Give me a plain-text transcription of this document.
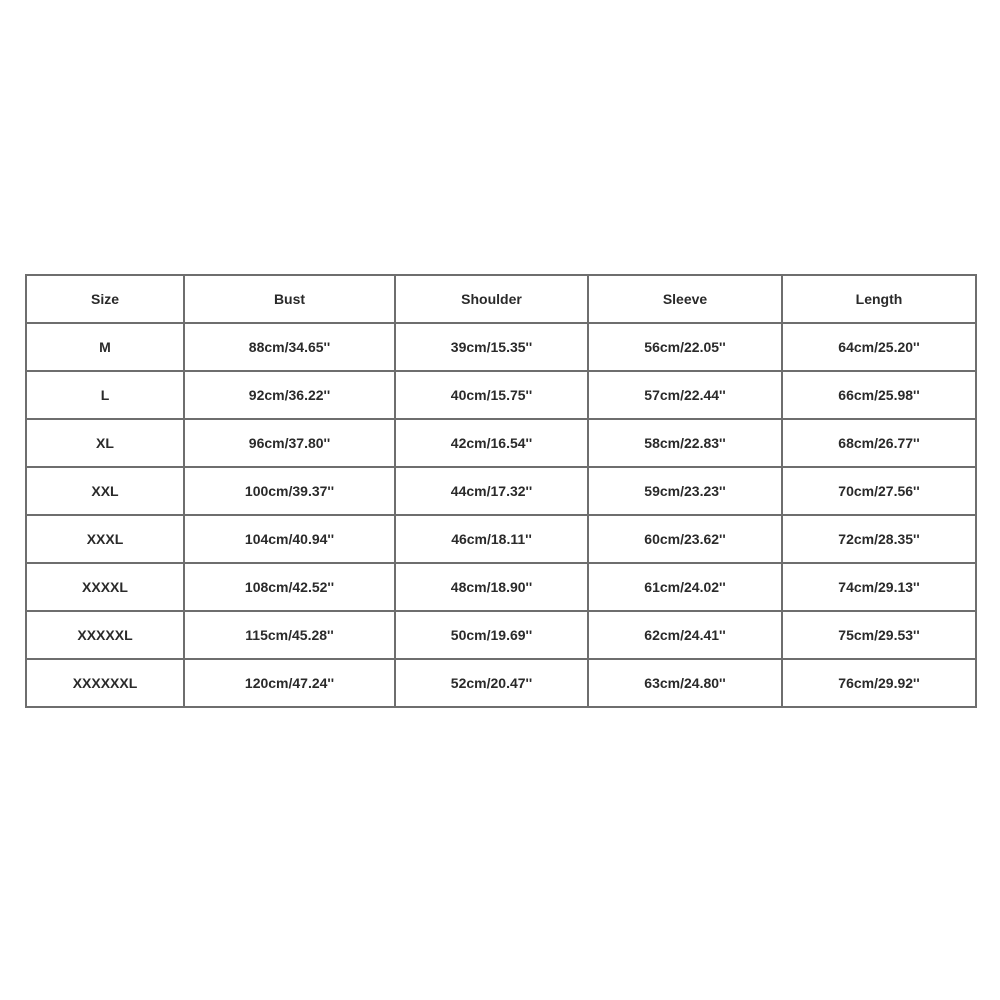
Size	Bust	Shoulder	Sleeve	Length
M	88cm/34.65''	39cm/15.35''	56cm/22.05''	64cm/25.20''
L	92cm/36.22''	40cm/15.75''	57cm/22.44''	66cm/25.98''
XL	96cm/37.80''	42cm/16.54''	58cm/22.83''	68cm/26.77''
XXL	100cm/39.37''	44cm/17.32''	59cm/23.23''	70cm/27.56''
XXXL	104cm/40.94''	46cm/18.11''	60cm/23.62''	72cm/28.35''
XXXXL	108cm/42.52''	48cm/18.90''	61cm/24.02''	74cm/29.13''
XXXXXL	115cm/45.28''	50cm/19.69''	62cm/24.41''	75cm/29.53''
XXXXXXL	120cm/47.24''	52cm/20.47''	63cm/24.80''	76cm/29.92''
